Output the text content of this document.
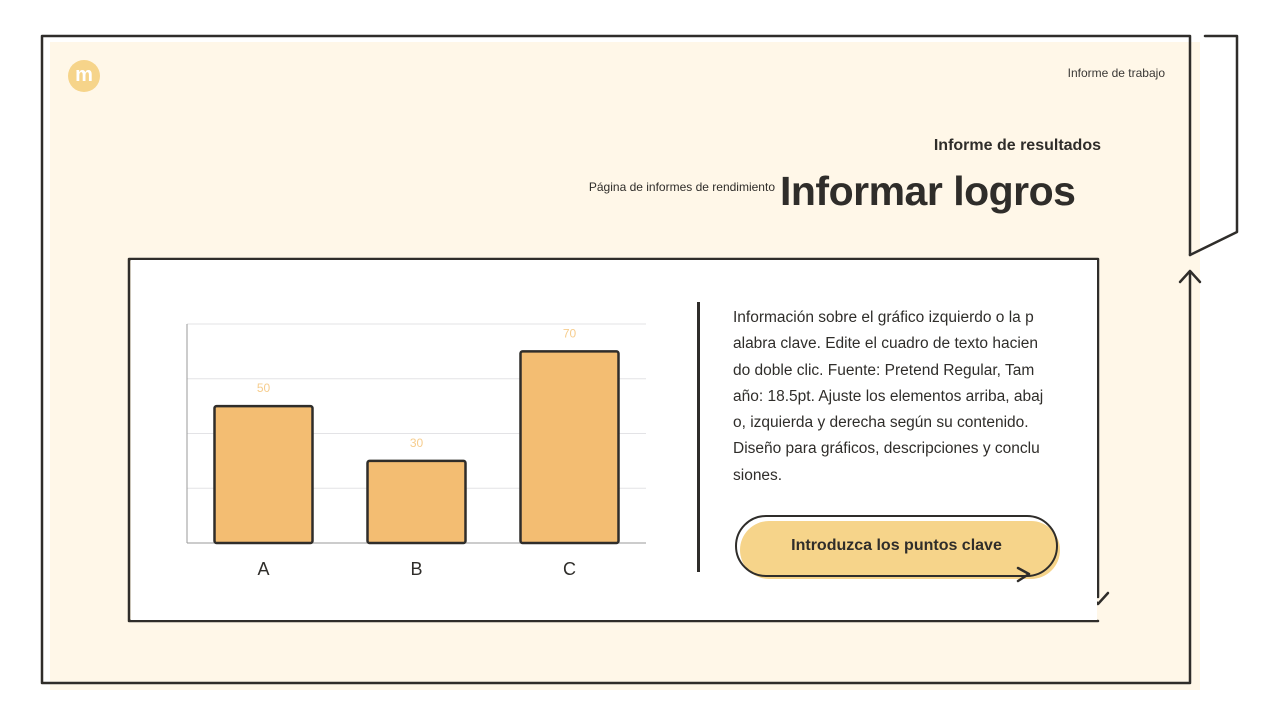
m	Informe de trabajo
Informe de resultados
Página de informes de rendimiento Informar logros
50
A
30
B
70
C
Información sobre el gráfico izquierdo o la p
alabra clave. Edite el cuadro de texto hacien
do doble clic. Fuente: Pretend Regular, Tam
año: 18.5pt. Ajuste los elementos arriba, abaj
o, izquierda y derecha según su contenido.
Diseño para gráficos, descripciones y conclu
siones.
Introduzca los puntos clave
